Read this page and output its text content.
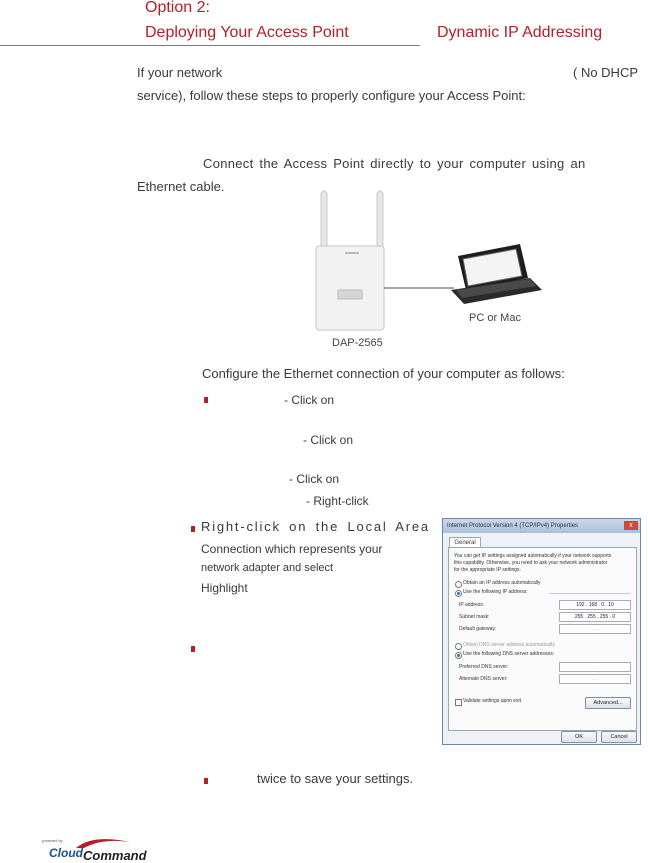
Option 2:
Deploying Your Access Point	Dynamic IP Addressing
If your network	( No DHCP
service), follow these steps to properly configure your Access Point:
Connect the Access Point directly to your computer using an
Ethernet cable.
PC or Mac
DAP-2565
Configure the Ethernet connection of your computer as follows:
- Click on
- Click on
- Click on
- Right-click
Right-click on the Local Area
Connection which represents your
network adapter and select
Highlight
Internet Protocol Version 4 (TCP/IPv4) Properties	x
General
You can get IP settings assigned automatically if your network supports
this capability. Otherwise, you need to ask your network administrator
for the appropriate IP settings.
Obtain an IP address automatically
Use the following IP address:
IP address:	192 . 168 . 0 . 10
Subnet mask:	255 . 255 . 255 . 0
Default gateway:	. . .
Obtain DNS server address automatically
Use the following DNS server addresses:
Preferred DNS server:	. . .
Alternate DNS server:	. . .
Validate settings upon exit	Advanced...
OK	Cancel
twice to save your settings.
powered by
Cloud Command
